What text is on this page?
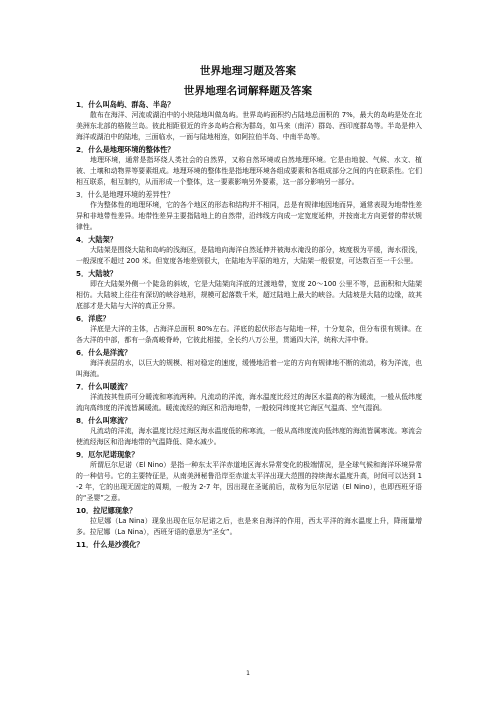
世界地理习题及答案
世界地理名词解释题及答案
1．什么叫岛屿、群岛、半岛？

散布在海洋、河流或湖泊中的小块陆地叫做岛屿。世界岛屿面积约占陆地总面积的 7%，最大的岛屿是处在北美洲东北部的格陵兰岛。彼此相距很近的许多岛屿合称为群岛，如马来（南洋）群岛、西印度群岛等。半岛是伸入海洋或湖泊中的陆地，三面临水，一面与陆地相连，如阿拉伯半岛、中南半岛等。

2．什么是地理环境的整体性？

地理环境，通常是指环绕人类社会的自然界，又称自然环境或自然地理环境。它是由地貌、气候、水文、植被、土壤和动物界等要素组成。地理环境的整体性是指地理环境各组成要素和各组成部分之间的内在联系性。它们相互联系，相互制约，从而形成一个整体，这一要素影响另外要素，这一部分影响另一部分。

3．什么是地理环境的差异性？

作为整体性的地理环境，它的各个地区的形态和结构并不相同，总是有规律地因地而异，通常表现为地带性差异和非地带性差异。地带性差异主要指陆地上的自然带，沿纬线方向成一定宽度延伸，并按南北方向更替的带状规律性。

4．大陆架？

大陆架是围绕大陆和岛屿的浅海区，是陆地向海洋自然延伸并被海水淹没的部分，坡度极为平缓，海水很浅，一般深度不超过 200 米。但宽度各地差别很大，在陆地为平原的地方，大陆架一般很宽，可达数百至一千公里。

5．大陆坡？

即在大陆架外侧一个陡急的斜坡，它是大陆架向洋底的过渡地带，宽度 20～100 公里不等，总面积和大陆架相仿。大陆坡上往往有深切的峡谷地形，规模可起落数千米，超过陆地上最大的峡谷。大陆坡是大陆的边缘，故其底部才是大陆与大洋的真正分界。

6．洋底？

洋底是大洋的主体，占海洋总面积 80%左右。洋底的起伏形态与陆地一样，十分复杂，但分布很有规律。在各大洋的中部，都有一条高峻脊岭，它彼此相接，全长约八万公里，贯通四大洋，统称大洋中脊。

6．什么是洋流？

海洋表层的水，以巨大的规模、相对稳定的速度，缓慢地沿着一定的方向有规律地不断的流动，称为洋流，也叫海流。

7．什么叫暖流？

洋流按其性质可分暖流和寒流两种。凡流动的洋流，海水温度比经过的海区水温高的称为暖流，一般从低纬度流向高纬度的洋流皆属暖流。暖流流经的海区和沿海地带，一般较同纬度其它海区气温高、空气湿润。

8．什么叫寒流？

凡流动的洋流，海水温度比经过海区海水温度低的称寒流，一般从高纬度流向低纬度的海流皆属寒流。寒流会使流经海区和沿海地带的气温降低、降水减少。

9．厄尔尼诺现象？

所谓厄尔尼诺（El Nino）是指一种东太平洋赤道地区海水异常变化的极端情况，是全球气候和海洋环境异常的一种信号。它的主要特征是，从南美洲秘鲁沿岸至赤道太平洋出现大范围的持续海水温度升高，时间可以达到 1-2 年，它的出现无固定的周期，一般为 2-7 年，因出现在圣诞前后，故称为厄尔尼诺（El Nino），也即西班牙语的“圣婴”之意。

10．拉尼娜现象？

拉尼娜（La Nina）现象出现在厄尔尼诺之后，也是来自海洋的作用，西太平洋的海水温度上升，降雨量增多。拉尼娜（La Nina），西班牙语的意思为“圣女”。

11．什么是沙漠化？
1
